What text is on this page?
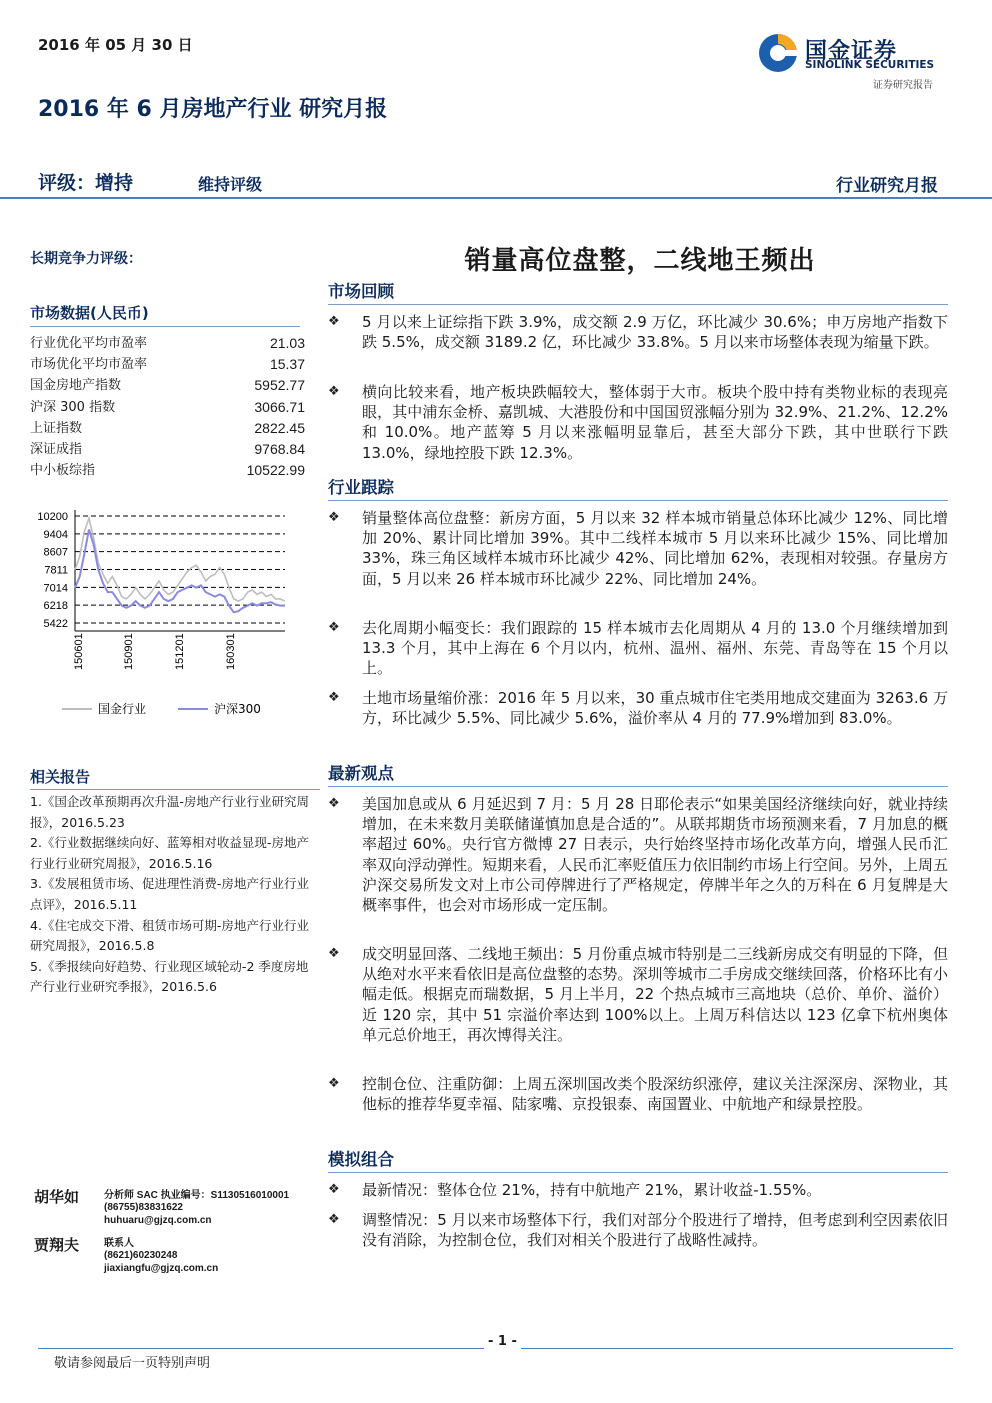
2016 年 05 月 30 日	国金证券
SINOLINK SECURITIES
证券研究报告
2016 年 6 月房地产行业 研究月报
评级：增持	维持评级	行业研究月报
长期竞争力评级：
市场数据(人民币)
行业优化平均市盈率	21.03
市场优化平均市盈率	15.37
国金房地产指数	5952.77
沪深 300 指数	3066.71
上证指数	2822.45
深证成指	9768.84
中小板综指	10522.99
10200
9404
8607
7811
7014
6218
5422
150601	150901	151201	160301
国金行业	沪深300
相关报告
1.《国企改革预期再次升温-房地产行业行业研究周报》，2016.5.23
2.《行业数据继续向好、蓝筹相对收益显现-房地产行业行业研究周报》，2016.5.16
3.《发展租赁市场、促进理性消费-房地产行业行业点评》，2016.5.11
4.《住宅成交下滑、租赁市场可期-房地产行业行业研究周报》，2016.5.8
5.《季报续向好趋势、行业现区域轮动-2 季度房地产行业行业研究季报》，2016.5.6
胡华如 分析师 SAC 执业编号：S1130516010001
(86755)83831622
huhuaru@gjzq.com.cn
贾翔夫 联系人
(8621)60230248
jiaxiangfu@gjzq.com.cn
销量高位盘整，二线地王频出
市场回顾
❖ 5 月以来上证综指下跌 3.9%，成交额 2.9 万亿，环比减少 30.6%；申万房地产指数下跌 5.5%，成交额 3189.2 亿，环比减少 33.8%。5 月以来市场整体表现为缩量下跌。
❖ 横向比较来看，地产板块跌幅较大，整体弱于大市。板块个股中持有类物业标的表现亮眼，其中浦东金桥、嘉凯城、大港股份和中国国贸涨幅分别为 32.9%、21.2%、12.2%和 10.0%。地产蓝筹 5 月以来涨幅明显靠后，甚至大部分下跌，其中世联行下跌 13.0%，绿地控股下跌 12.3%。
行业跟踪
❖ 销量整体高位盘整：新房方面，5 月以来 32 样本城市销量总体环比减少 12%、同比增加 20%、累计同比增加 39%。其中二线样本城市 5 月以来环比减少 15%、同比增加 33%，珠三角区域样本城市环比减少 42%、同比增加 62%，表现相对较强。存量房方面，5 月以来 26 样本城市环比减少 22%、同比增加 24%。
❖ 去化周期小幅变长：我们跟踪的 15 样本城市去化周期从 4 月的 13.0 个月继续增加到 13.3 个月，其中上海在 6 个月以内，杭州、温州、福州、东莞、青岛等在 15 个月以上。
❖ 土地市场量缩价涨：2016 年 5 月以来，30 重点城市住宅类用地成交建面为 3263.6 万方，环比减少 5.5%、同比减少 5.6%，溢价率从 4 月的 77.9%增加到 83.0%。
最新观点
❖ 美国加息或从 6 月延迟到 7 月：5 月 28 日耶伦表示“如果美国经济继续向好，就业持续增加，在未来数月美联储谨慎加息是合适的”。从联邦期货市场预测来看，7 月加息的概率超过 60%。央行官方微博 27 日表示，央行始终坚持市场化改革方向，增强人民币汇率双向浮动弹性。短期来看，人民币汇率贬值压力依旧制约市场上行空间。另外，上周五沪深交易所发文对上市公司停牌进行了严格规定，停牌半年之久的万科在 6 月复牌是大概率事件，也会对市场形成一定压制。
❖ 成交明显回落、二线地王频出：5 月份重点城市特别是二三线新房成交有明显的下降，但从绝对水平来看依旧是高位盘整的态势。深圳等城市二手房成交继续回落，价格环比有小幅走低。根据克而瑞数据，5 月上半月，22 个热点城市三高地块（总价、单价、溢价）近 120 宗，其中 51 宗溢价率达到 100%以上。上周万科信达以 123 亿拿下杭州奥体单元总价地王，再次博得关注。
❖ 控制仓位、注重防御：上周五深圳国改类个股深纺织涨停，建议关注深深房、深物业，其他标的推荐华夏幸福、陆家嘴、京投银泰、南国置业、中航地产和绿景控股。
模拟组合
❖ 最新情况：整体仓位 21%，持有中航地产 21%，累计收益-1.55%。
❖ 调整情况：5 月以来市场整体下行，我们对部分个股进行了增持，但考虑到利空因素依旧没有消除，为控制仓位，我们对相关个股进行了战略性减持。
- 1 -
敬请参阅最后一页特别声明
